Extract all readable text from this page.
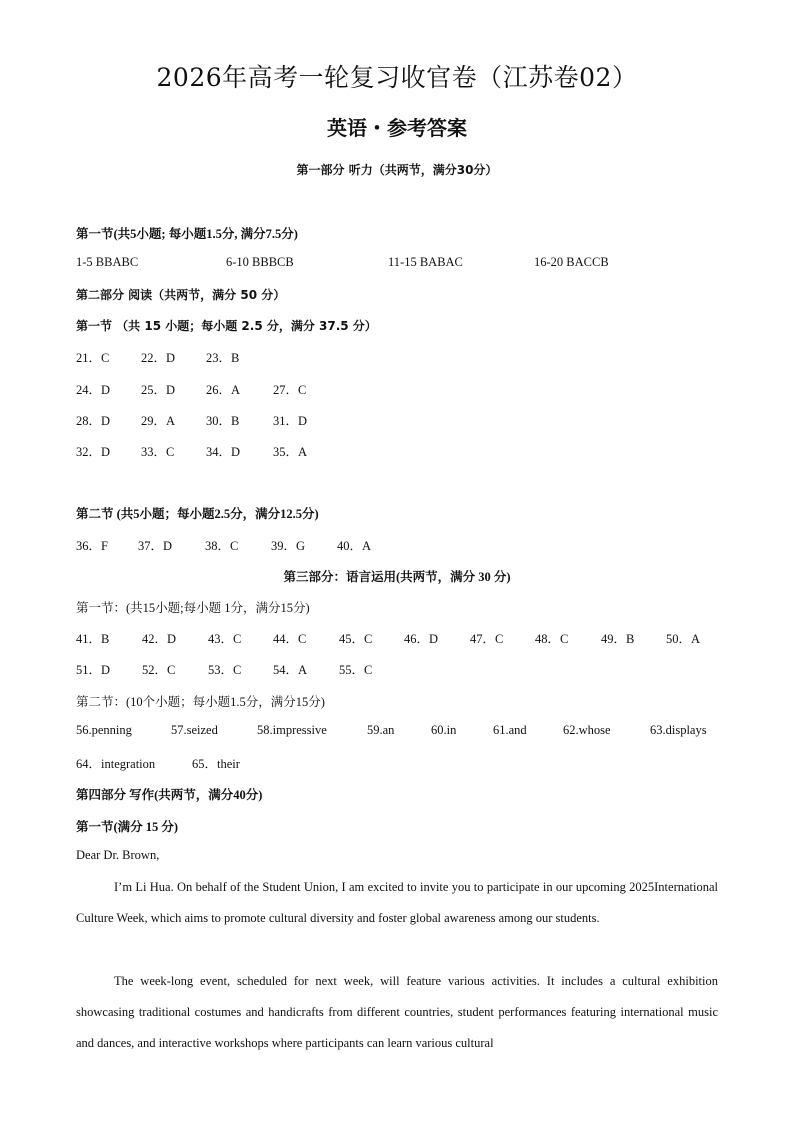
2026年高考一轮复习收官卷（江苏卷02）
英语・参考答案
第一部分 听力（共两节，满分30分）
第一节(共5小题; 每小题1.5分, 满分7.5分)
1-5 BBABC	6-10 BBBCB	11-15 BABAC	16-20 BACCB
第二部分 阅读（共两节，满分 50 分）
第一节 （共 15 小题；每小题 2.5 分，满分 37.5 分）
21．C	22．D 23．B
24．D 25．D 26．A	27．C
28．D 29．A 30．B	31．D
32．D 33．C	34．D	35．A
第二节 (共5小题；每小题2.5分，满分12.5分)
36．F 37．D	38．C	39．G	40．A
第三部分：语言运用(共两节，满分 30 分)
第一节：(共15小题;每小题 1分，满分15分)
41．B	42．D	43．C	44．C	45．C	46．D	47．C	48．C	49．B	50．A
51．D	52．C	53．C	54．A	55．C
第二节：(10个小题；每小题1.5分，满分15分)
56.penning	57.seized	58.impressive	59.an	60.in	61.and	62.whose	63.displays
64．integration	65．their
第四部分 写作(共两节，满分40分)
第一节(满分 15 分)
Dear Dr. Brown,
I’m Li Hua. On behalf of the Student Union, I am excited to invite you to participate in our upcoming 2025International Culture Week, which aims to promote cultural diversity and foster global awareness among our students.
The week-long event, scheduled for next week, will feature various activities. It includes a cultural exhibition showcasing traditional costumes and handicrafts from different countries, student performances featuring international music and dances, and interactive workshops where participants can learn various cultural
